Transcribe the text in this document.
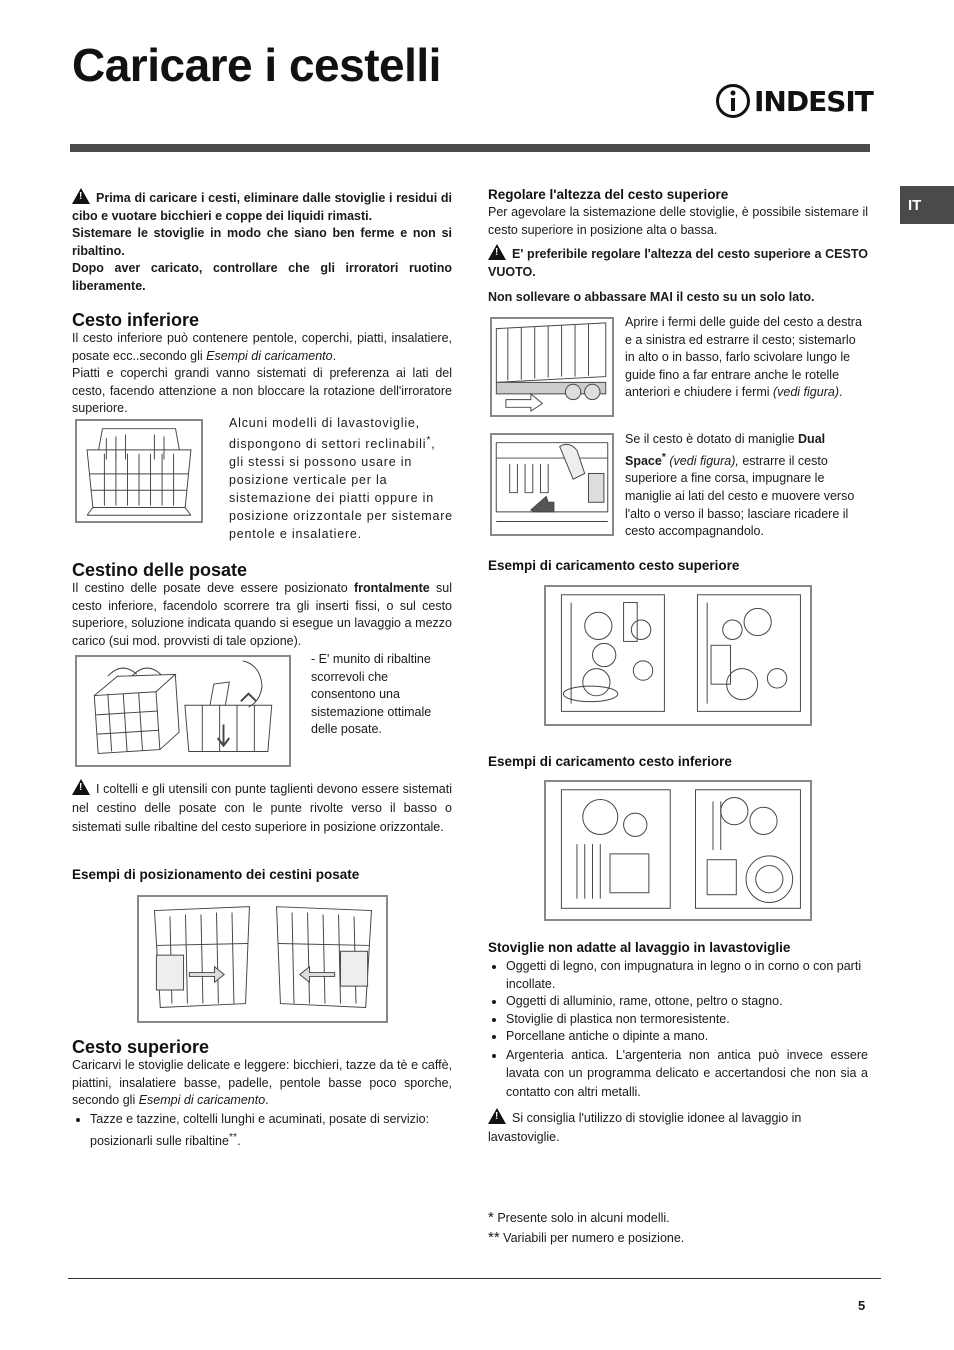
Caricare i cestelli
INDESIT
IT
!Prima di caricare i cesti, eliminare dalle stoviglie i residui di cibo e vuotare bicchieri e coppe dei liquidi rimasti.
Sistemare le stoviglie in modo che siano ben ferme e non si ribaltino.
Dopo aver caricato, controllare che gli irroratori ruotino liberamente.
Cesto inferiore
Il cesto inferiore può contenere pentole, coperchi, piatti, insalatiere, posate ecc..secondo gli Esempi di caricamento.
Piatti e coperchi grandi vanno sistemati di preferenza ai lati del cesto, facendo attenzione a non bloccare la rotazione dell'irroratore superiore.
Alcuni modelli di lavastoviglie, dispongono di settori reclinabili*, gli stessi si possono usare in posizione verticale per la sistemazione dei piatti oppure in posizione orizzontale per sistemare pentole e insalatiere.
Cestino delle posate
Il cestino delle posate deve essere posizionato frontalmente sul cesto inferiore, facendolo scorrere tra gli inserti fissi, o sul cesto superiore, soluzione indicata quando si esegue un lavaggio a mezzo carico (sui mod. provvisti di tale opzione).
- E' munito di ribaltine scorrevoli che consentono una sistemazione ottimale delle posate.
!I coltelli e gli utensili con punte taglienti devono essere sistemati nel cestino delle posate con le punte rivolte verso il basso o sistemati sulle ribaltine del cesto superiore in posizione orizzontale.
Esempi di posizionamento dei cestini posate
Cesto superiore
Caricarvi le stoviglie delicate e leggere: bicchieri, tazze da tè e caffè, piattini, insalatiere basse, padelle, pentole basse poco sporche, secondo gli Esempi di caricamento.
• Tazze e tazzine, coltelli lunghi e acuminati, posate di servizio: posizionarli sulle ribaltine**.
Regolare l'altezza del cesto superiore
Per agevolare la sistemazione delle stoviglie, è possibile sistemare il cesto superiore in posizione alta o bassa.
!E' preferibile regolare l'altezza del cesto superiore a CESTO VUOTO.
Non sollevare o abbassare MAI il cesto su un solo lato.
Aprire i fermi delle guide del cesto a destra e a sinistra ed estrarre il cesto; sistemarlo in alto o in basso, farlo scivolare lungo le guide fino a far entrare anche le rotelle anteriori e chiudere i fermi (vedi figura).
Se il cesto è dotato di maniglie Dual Space* (vedi figura), estrarre il cesto superiore a fine corsa, impugnare le maniglie ai lati del cesto e muovere verso l'alto o verso il basso; lasciare ricadere il cesto accompagnandolo.
Esempi di caricamento cesto superiore
Esempi di caricamento cesto inferiore
Stoviglie non adatte al lavaggio in lavastoviglie
• Oggetti di legno, con impugnatura in legno o in corno o con parti incollate.
• Oggetti di alluminio, rame, ottone, peltro o stagno.
• Stoviglie di plastica non termoresistente.
• Porcellane antiche o dipinte a mano.
• Argenteria antica. L'argenteria non antica può invece essere lavata con un programma delicato e accertandosi che non sia a contatto con altri metalli.
!Si consiglia l'utilizzo di stoviglie idonee al lavaggio in lavastoviglie.
* Presente solo in alcuni modelli.
** Variabili per numero e posizione.
5
